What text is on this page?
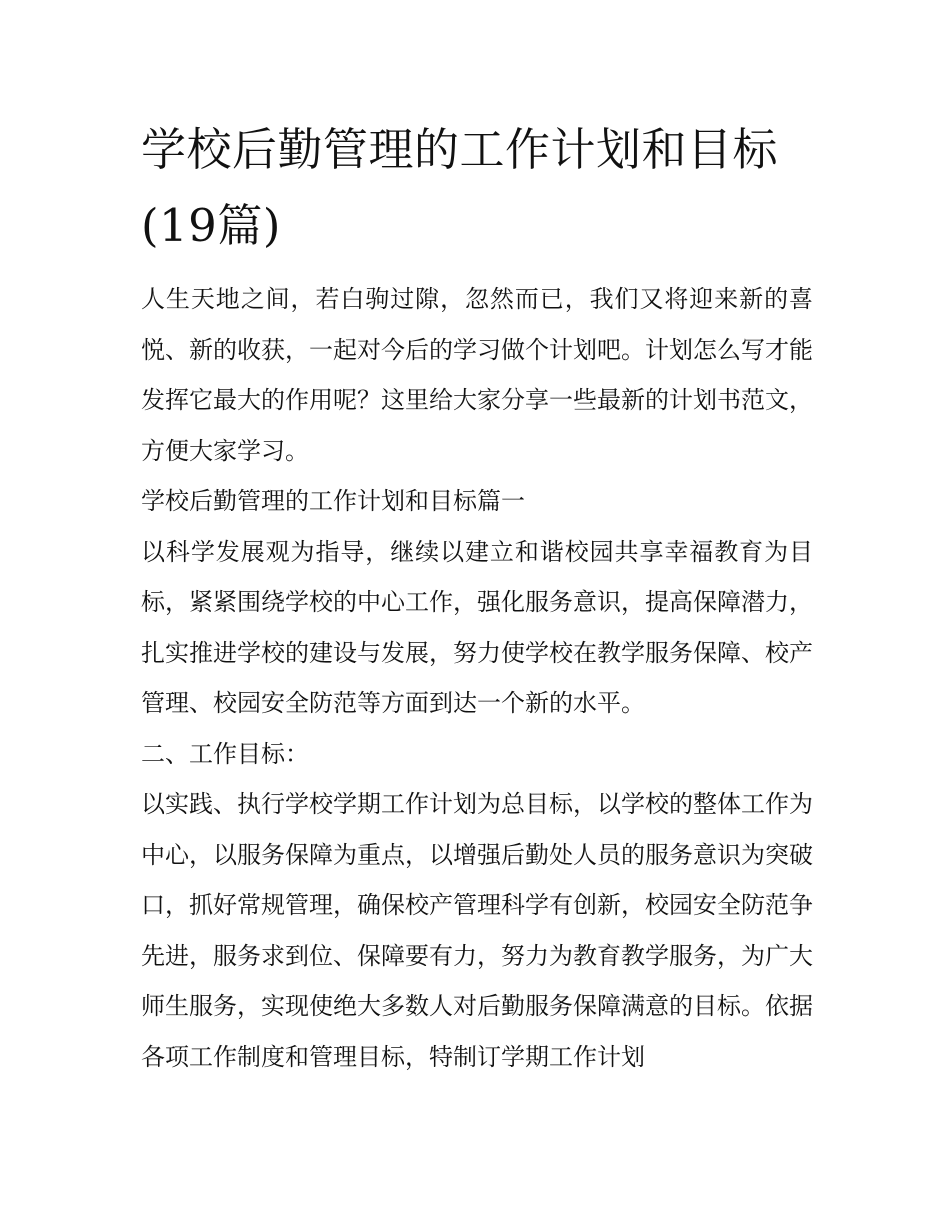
学校后勤管理的工作计划和目标(19篇)

人生天地之间，若白驹过隙，忽然而已，我们又将迎来新的喜悦、新的收获，一起对今后的学习做个计划吧。计划怎么写才能发挥它最大的作用呢？这里给大家分享一些最新的计划书范文，方便大家学习。

学校后勤管理的工作计划和目标篇一

以科学发展观为指导，继续以建立和谐校园共享幸福教育为目标，紧紧围绕学校的中心工作，强化服务意识，提高保障潜力，扎实推进学校的建设与发展，努力使学校在教学服务保障、校产管理、校园安全防范等方面到达一个新的水平。

二、工作目标：

以实践、执行学校学期工作计划为总目标，以学校的整体工作为中心，以服务保障为重点，以增强后勤处人员的服务意识为突破口，抓好常规管理，确保校产管理科学有创新，校园安全防范争先进，服务求到位、保障要有力，努力为教育教学服务，为广大师生服务，实现使绝大多数人对后勤服务保障满意的目标。依据各项工作制度和管理目标，特制订学期工作计划
